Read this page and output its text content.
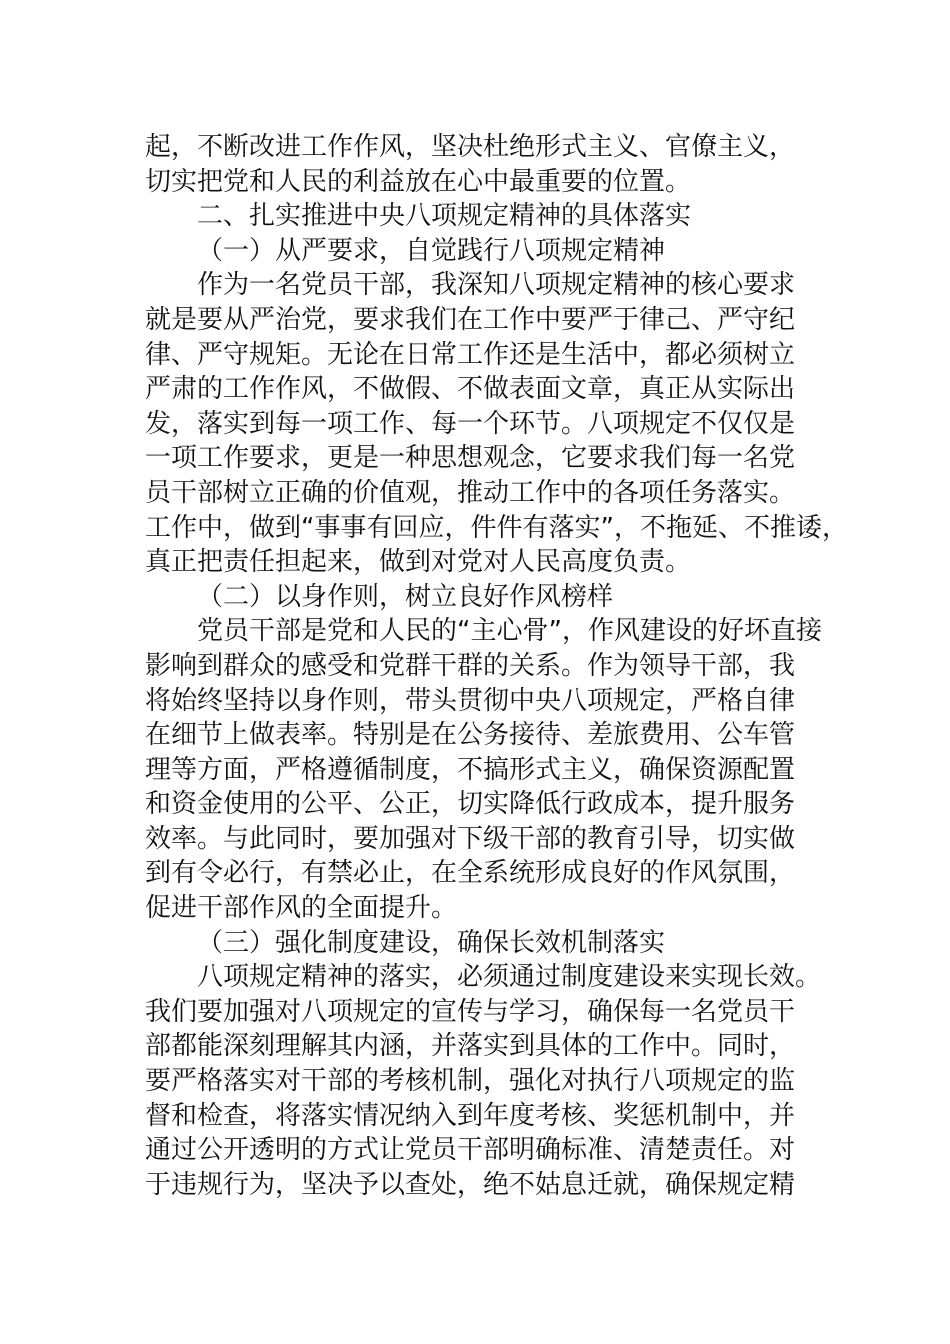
起，不断改进工作作风，坚决杜绝形式主义、官僚主义，
切实把党和人民的利益放在心中最重要的位置。
二、扎实推进中央八项规定精神的具体落实
（一）从严要求，自觉践行八项规定精神
作为一名党员干部，我深知八项规定精神的核心要求
就是要从严治党，要求我们在工作中要严于律己、严守纪
律、严守规矩。无论在日常工作还是生活中，都必须树立
严肃的工作作风，不做假、不做表面文章，真正从实际出
发，落实到每一项工作、每一个环节。八项规定不仅仅是
一项工作要求，更是一种思想观念，它要求我们每一名党
员干部树立正确的价值观，推动工作中的各项任务落实。
工作中，做到“事事有回应，件件有落实”，不拖延、不推诿，
真正把责任担起来，做到对党对人民高度负责。
（二）以身作则，树立良好作风榜样
党员干部是党和人民的“主心骨”，作风建设的好坏直接
影响到群众的感受和党群干群的关系。作为领导干部，我
将始终坚持以身作则，带头贯彻中央八项规定，严格自律
在细节上做表率。特别是在公务接待、差旅费用、公车管
理等方面，严格遵循制度，不搞形式主义，确保资源配置
和资金使用的公平、公正，切实降低行政成本，提升服务
效率。与此同时，要加强对下级干部的教育引导，切实做
到有令必行，有禁必止，在全系统形成良好的作风氛围，
促进干部作风的全面提升。
（三）强化制度建设，确保长效机制落实
八项规定精神的落实，必须通过制度建设来实现长效。
我们要加强对八项规定的宣传与学习，确保每一名党员干
部都能深刻理解其内涵，并落实到具体的工作中。同时，
要严格落实对干部的考核机制，强化对执行八项规定的监
督和检查，将落实情况纳入到年度考核、奖惩机制中，并
通过公开透明的方式让党员干部明确标准、清楚责任。对
于违规行为，坚决予以查处，绝不姑息迁就，确保规定精
